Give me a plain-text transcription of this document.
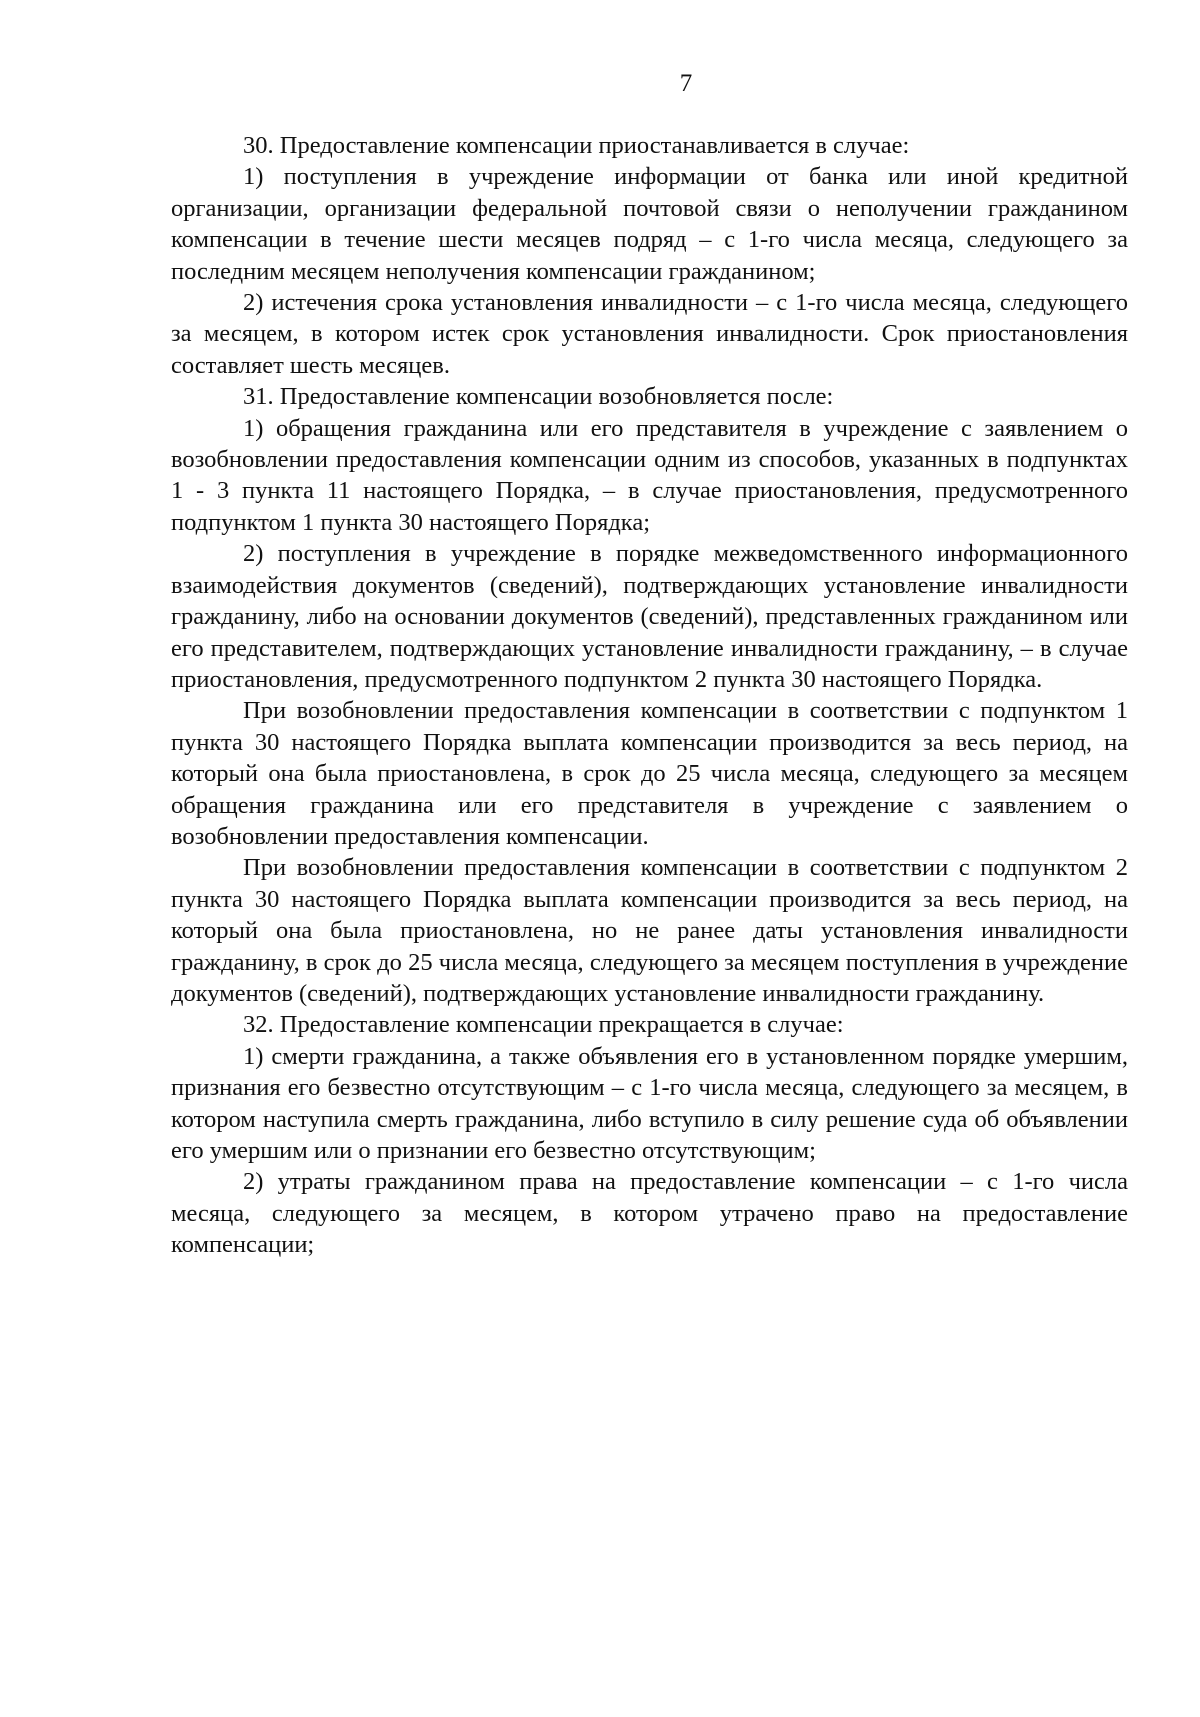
7

30. Предоставление компенсации приостанавливается в случае:

1) поступления в учреждение информации от банка или иной кредитной организации, организации федеральной почтовой связи о неполучении гражданином компенсации в течение шести месяцев подряд – с 1-го числа месяца, следующего за последним месяцем неполучения компенсации гражданином;

2) истечения срока установления инвалидности – с 1-го числа месяца, следующего за месяцем, в котором истек срок установления инвалидности. Срок приостановления составляет шесть месяцев.

31. Предоставление компенсации возобновляется после:

1) обращения гражданина или его представителя в учреждение с заявлением о возобновлении предоставления компенсации одним из способов, указанных в подпунктах 1 - 3 пункта 11 настоящего Порядка, – в случае приостановления, предусмотренного подпунктом 1 пункта 30 настоящего Порядка;

2) поступления в учреждение в порядке межведомственного информационного взаимодействия документов (сведений), подтверждающих установление инвалидности гражданину, либо на основании документов (сведений), представленных гражданином или его представителем, подтверждающих установление инвалидности гражданину, – в случае приостановления, предусмотренного подпунктом 2 пункта 30 настоящего Порядка.

При возобновлении предоставления компенсации в соответствии с подпунктом 1 пункта 30 настоящего Порядка выплата компенсации производится за весь период, на который она была приостановлена, в срок до 25 числа месяца, следующего за месяцем обращения гражданина или его представителя в учреждение с заявлением о возобновлении предоставления компенсации.

При возобновлении предоставления компенсации в соответствии с подпунктом 2 пункта 30 настоящего Порядка выплата компенсации производится за весь период, на который она была приостановлена, но не ранее даты установления инвалидности гражданину, в срок до 25 числа месяца, следующего за месяцем поступления в учреждение документов (сведений), подтверждающих установление инвалидности гражданину.

32. Предоставление компенсации прекращается в случае:

1) смерти гражданина, а также объявления его в установленном порядке умершим, признания его безвестно отсутствующим – с 1-го числа месяца, следующего за месяцем, в котором наступила смерть гражданина, либо вступило в силу решение суда об объявлении его умершим или о признании его безвестно отсутствующим;

2) утраты гражданином права на предоставление компенсации – с 1-го числа месяца, следующего за месяцем, в котором утрачено право на предоставление компенсации;
